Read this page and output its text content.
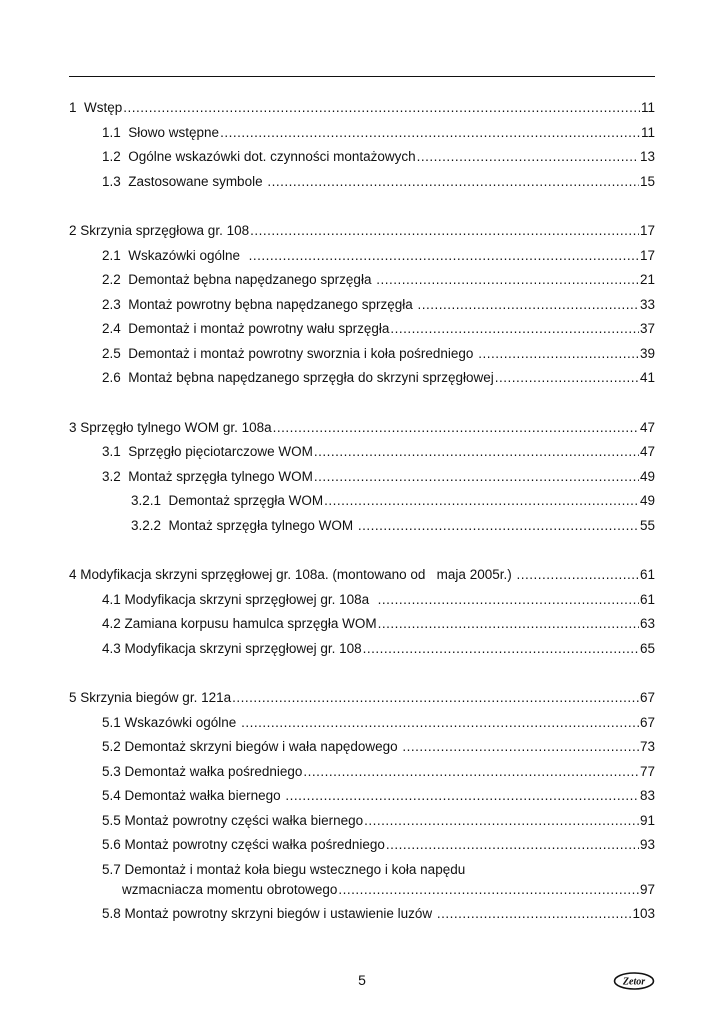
1  Wstęp .....	11
1.1  Słowo wstępne .....	11
1.2  Ogólne wskazówki dot. czynności montażowych .....	13
1.3  Zastosowane symbole .....	15
2 Skrzynia sprzęgłowa gr. 108 .....	17
2.1  Wskazówki ogólne .....	17
2.2  Demontaż bębna napędzanego sprzęgła .....	21
2.3  Montaż powrotny bębna napędzanego sprzęgła .....	33
2.4  Demontaż i montaż powrotny wału sprzęgła .....	37
2.5  Demontaż i montaż powrotny sworznia i koła pośredniego .....	39
2.6  Montaż bębna napędzanego sprzęgła do skrzyni sprzęgłowej .....	41
3 Sprzęgło tylnego WOM gr. 108a .....	47
3.1  Sprzęgło pięciotarczowe WOM .....	47
3.2  Montaż sprzęgła tylnego WOM .....	49
3.2.1  Demontaż sprzęgła WOM .....	49
3.2.2  Montaż sprzęgła tylnego WOM .....	55
4 Modyfikacja skrzyni sprzęgłowej gr. 108a. (montowano od   maja 2005r.) .....	61
4.1 Modyfikacja skrzyni sprzęgłowej gr. 108a .....	61
4.2 Zamiana korpusu hamulca sprzęgła WOM .....	63
4.3 Modyfikacja skrzyni sprzęgłowej gr. 108 .....	65
5 Skrzynia biegów gr. 121a .....	67
5.1 Wskazówki ogólne .....	67
5.2 Demontaż skrzyni biegów i wała napędowego .....	73
5.3 Demontaż wałka pośredniego .....	77
5.4 Demontaż wałka biernego .....	83
5.5 Montaż powrotny części wałka biernego .....	91
5.6 Montaż powrotny części wałka pośredniego .....	93
5.7 Demontaż i montaż koła biegu wstecznego i koła napędu
wzmacniacza momentu obrotowego .....	97
5.8 Montaż powrotny skrzyni biegów i ustawienie luzów .....	103
5	Zetor
